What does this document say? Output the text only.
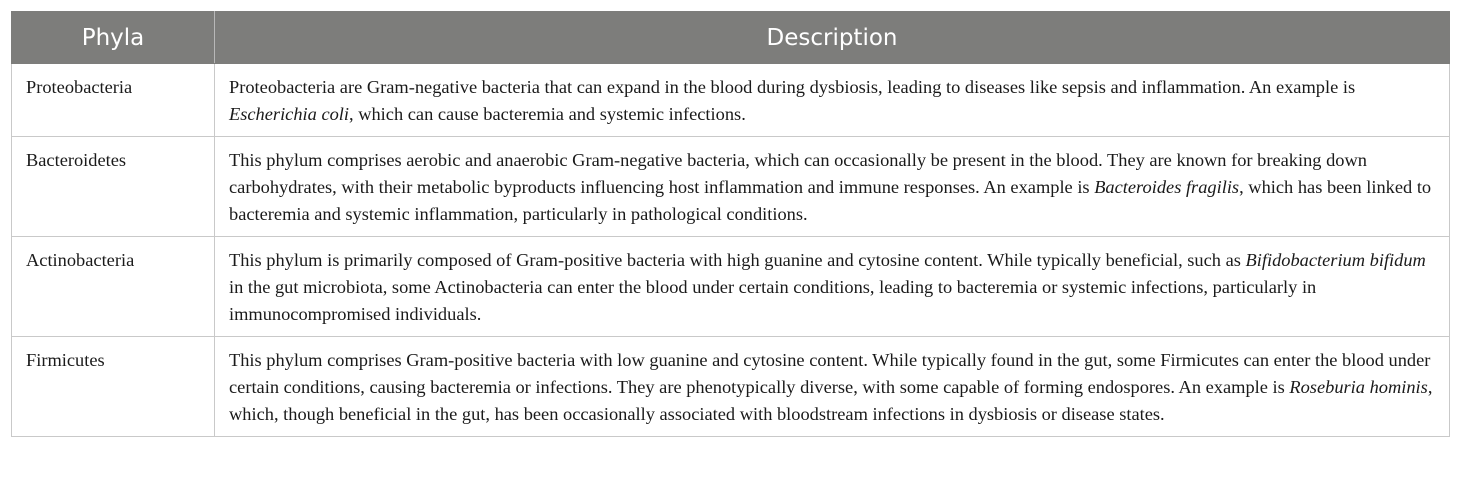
Phyla	Description
Proteobacteria	Proteobacteria are Gram-negative bacteria that can expand in the blood during dysbiosis, leading to diseases like sepsis and inflammation. An example is Escherichia coli, which can cause bacteremia and systemic infections.
Bacteroidetes	This phylum comprises aerobic and anaerobic Gram-negative bacteria, which can occasionally be present in the blood. They are known for breaking down carbohydrates, with their metabolic byproducts influencing host inflammation and immune responses. An example is Bacteroides fragilis, which has been linked to bacteremia and systemic inflammation, particularly in pathological conditions.
Actinobacteria	This phylum is primarily composed of Gram-positive bacteria with high guanine and cytosine content. While typically beneficial, such as Bifidobacterium bifidum in the gut microbiota, some Actinobacteria can enter the blood under certain conditions, leading to bacteremia or systemic infections, particularly in immunocompromised individuals.
Firmicutes	This phylum comprises Gram-positive bacteria with low guanine and cytosine content. While typically found in the gut, some Firmicutes can enter the blood under certain conditions, causing bacteremia or infections. They are phenotypically diverse, with some capable of forming endospores. An example is Roseburia hominis, which, though beneficial in the gut, has been occasionally associated with bloodstream infections in dysbiosis or disease states.
